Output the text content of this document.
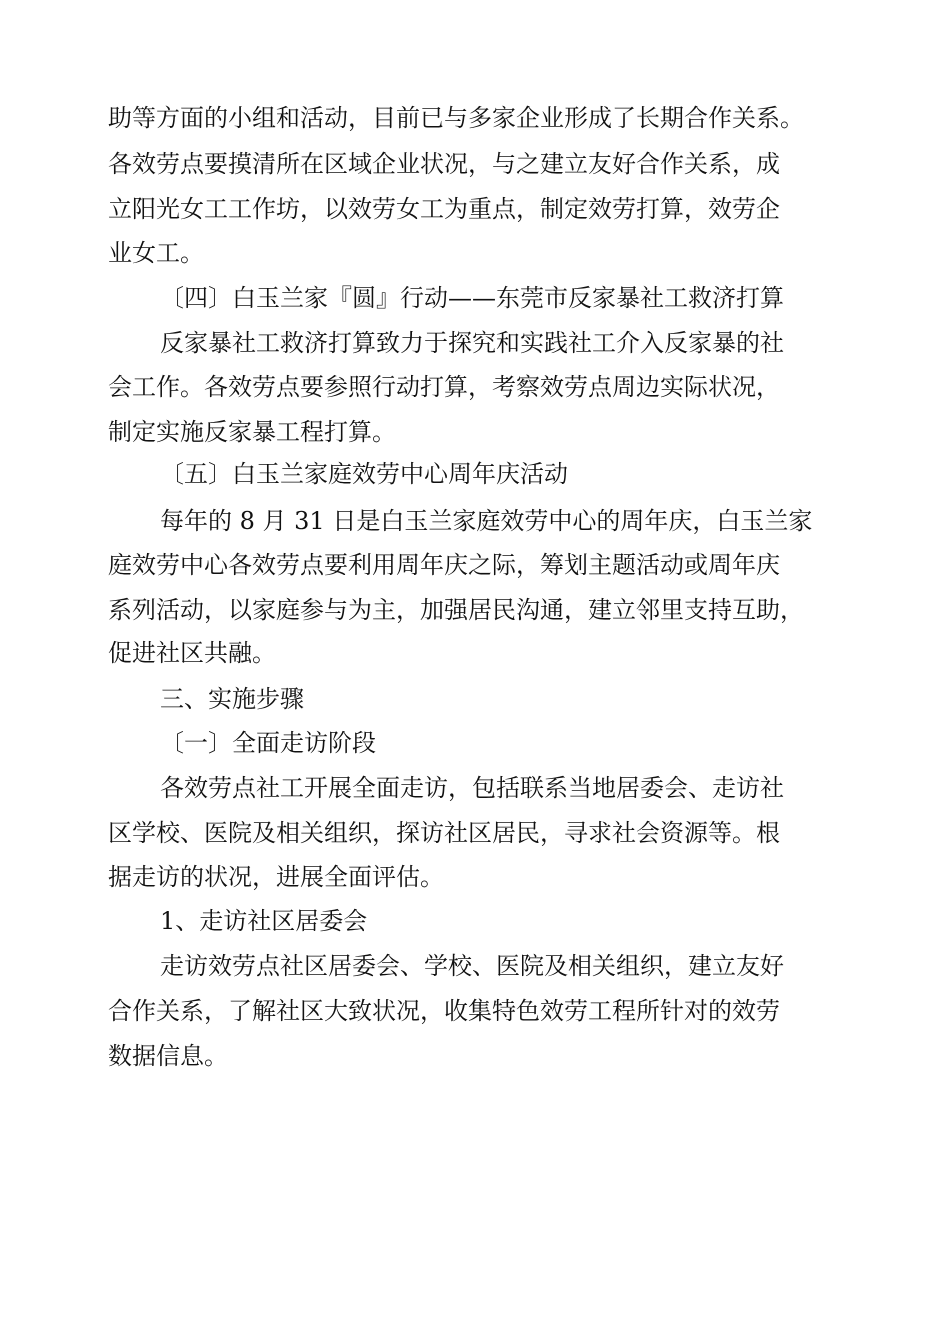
助等方面的小组和活动，目前已与多家企业形成了长期合作关系。
各效劳点要摸清所在区域企业状况，与之建立友好合作关系，成
立阳光女工工作坊，以效劳女工为重点，制定效劳打算，效劳企
业女工。
〔四〕白玉兰家『圆』行动——东莞市反家暴社工救济打算
反家暴社工救济打算致力于探究和实践社工介入反家暴的社
会工作。各效劳点要参照行动打算，考察效劳点周边实际状况，
制定实施反家暴工程打算。
〔五〕白玉兰家庭效劳中心周年庆活动
每年的 8 月 31 日是白玉兰家庭效劳中心的周年庆，白玉兰家
庭效劳中心各效劳点要利用周年庆之际，筹划主题活动或周年庆
系列活动，以家庭参与为主，加强居民沟通，建立邻里支持互助，
促进社区共融。
三、实施步骤
〔一〕全面走访阶段
各效劳点社工开展全面走访，包括联系当地居委会、走访社
区学校、医院及相关组织，探访社区居民，寻求社会资源等。根
据走访的状况，进展全面评估。
1、走访社区居委会
走访效劳点社区居委会、学校、医院及相关组织，建立友好
合作关系，了解社区大致状况，收集特色效劳工程所针对的效劳
数据信息。
